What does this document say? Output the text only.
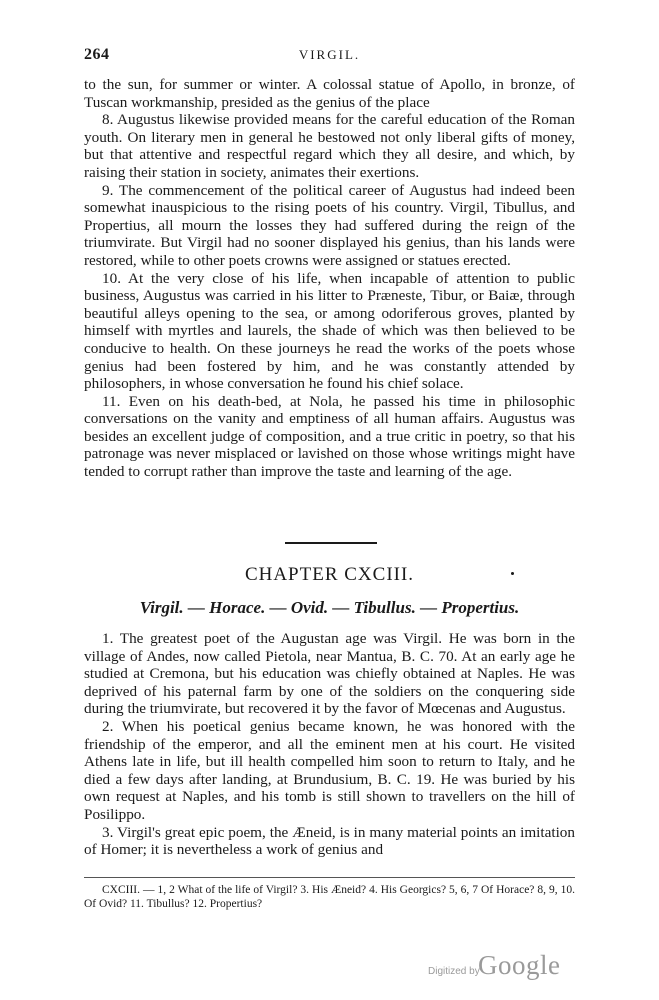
264	VIRGIL.

to the sun, for summer or winter. A colossal statue of Apollo, in bronze, of Tuscan workmanship, presided as the genius of the place

8. Augustus likewise provided means for the careful education of the Roman youth. On literary men in general he bestowed not only liberal gifts of money, but that attentive and respectful regard which they all desire, and which, by raising their station in society, animates their exertions.

9. The commencement of the political career of Augustus had indeed been somewhat inauspicious to the rising poets of his country. Virgil, Tibullus, and Propertius, all mourn the losses they had suffered during the reign of the triumvirate. But Virgil had no sooner displayed his genius, than his lands were restored, while to other poets crowns were assigned or statues erected.

10. At the very close of his life, when incapable of attention to public business, Augustus was carried in his litter to Præneste, Tibur, or Baiæ, through beautiful alleys opening to the sea, or among odoriferous groves, planted by himself with myrtles and laurels, the shade of which was then believed to be conducive to health. On these journeys he read the works of the poets whose genius had been fostered by him, and he was constantly attended by philosophers, in whose conversation he found his chief solace.

11. Even on his death-bed, at Nola, he passed his time in philosophic conversations on the vanity and emptiness of all human affairs. Augustus was besides an excellent judge of composition, and a true critic in poetry, so that his patronage was never misplaced or lavished on those whose writings might have tended to corrupt rather than improve the taste and learning of the age.

CHAPTER CXCIII.
Virgil. — Horace. — Ovid. — Tibullus. — Propertius.

1. The greatest poet of the Augustan age was Virgil. He was born in the village of Andes, now called Pietola, near Mantua, B. C. 70. At an early age he studied at Cremona, but his education was chiefly obtained at Naples. He was deprived of his paternal farm by one of the soldiers on the conquering side during the triumvirate, but recovered it by the favor of Mœcenas and Augustus.

2. When his poetical genius became known, he was honored with the friendship of the emperor, and all the eminent men at his court. He visited Athens late in life, but ill health compelled him soon to return to Italy, and he died a few days after landing, at Brundusium, B. C. 19. He was buried by his own request at Naples, and his tomb is still shown to travellers on the hill of Posilippo.

3. Virgil's great epic poem, the Æneid, is in many material points an imitation of Homer; it is nevertheless a work of genius and

CXCIII. — 1, 2 What of the life of Virgil? 3. His Æneid? 4. His Georgics? 5, 6, 7 Of Horace? 8, 9, 10. Of Ovid? 11. Tibullus? 12. Propertius?

Digitized by
Google
